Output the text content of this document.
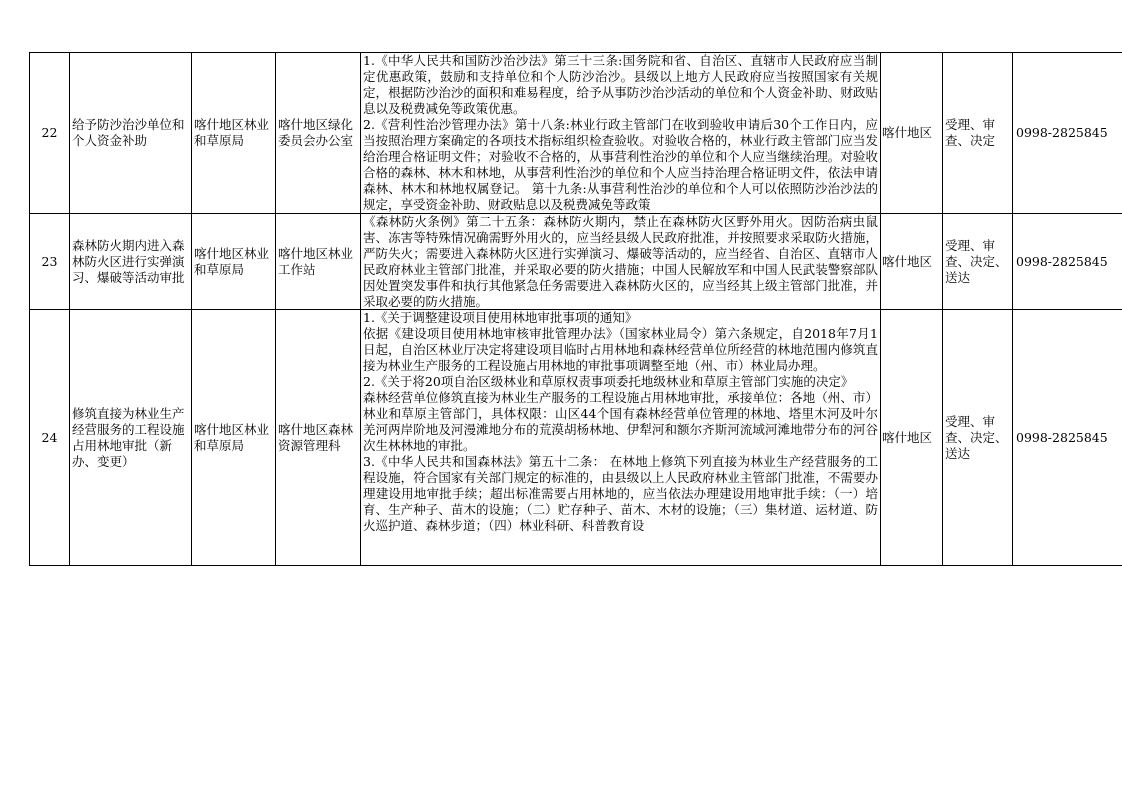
22	给予防沙治沙单位和个人资金补助	喀什地区林业和草原局	喀什地区绿化委员会办公室	1.《中华人民共和国防沙治沙法》第三十三条:国务院和省、自治区、直辖市人民政府应当制定优惠政策，鼓励和支持单位和个人防沙治沙。县级以上地方人民政府应当按照国家有关规定，根据防沙治沙的面积和难易程度，给予从事防沙治沙活动的单位和个人资金补助、财政贴息以及税费减免等政策优惠。

2.《营利性治沙管理办法》第十八条:林业行政主管部门在收到验收申请后30个工作日内，应当按照治理方案确定的各项技术指标组织检查验收。对验收合格的，林业行政主管部门应当发给治理合格证明文件；对验收不合格的，从事营利性治沙的单位和个人应当继续治理。对验收合格的森林、林木和林地，从事营利性治沙的单位和个人应当持治理合格证明文件，依法申请森林、林木和林地权属登记。 第十九条:从事营利性治沙的单位和个人可以依照防沙治沙法的规定，享受资金补助、财政贴息以及税费减免等政策	喀什地区	受理、审查、决定	0998-2825845
23	森林防火期内进入森林防火区进行实弹演习、爆破等活动审批	喀什地区林业和草原局	喀什地区林业工作站	《森林防火条例》第二十五条：森林防火期内，禁止在森林防火区野外用火。因防治病虫鼠害、冻害等特殊情况确需野外用火的，应当经县级人民政府批准，并按照要求采取防火措施，严防失火；需要进入森林防火区进行实弹演习、爆破等活动的，应当经省、自治区、直辖市人民政府林业主管部门批准，并采取必要的防火措施；中国人民解放军和中国人民武装警察部队因处置突发事件和执行其他紧急任务需要进入森林防火区的，应当经其上级主管部门批准，并采取必要的防火措施。	喀什地区	受理、审查、决定、送达	0998-2825845
24	修筑直接为林业生产经营服务的工程设施占用林地审批（新办、变更）	喀什地区林业和草原局	喀什地区森林资源管理科	1.《关于调整建设项目使用林地审批事项的通知》

依据《建设项目使用林地审核审批管理办法》（国家林业局令）第六条规定，自2018年7月1日起，自治区林业厅决定将建设项目临时占用林地和森林经营单位所经营的林地范围内修筑直接为林业生产服务的工程设施占用林地的审批事项调整至地（州、市）林业局办理。

2.《关于将20项自治区级林业和草原权责事项委托地级林业和草原主管部门实施的决定》

森林经营单位修筑直接为林业生产服务的工程设施占用林地审批，承接单位：各地（州、市）林业和草原主管部门，具体权限：山区44个国有森林经营单位管理的林地、塔里木河及叶尔羌河两岸阶地及河漫滩地分布的荒漠胡杨林地、伊犁河和额尔齐斯河流域河滩地带分布的河谷次生林林地的审批。

3.《中华人民共和国森林法》第五十二条： 在林地上修筑下列直接为林业生产经营服务的工程设施，符合国家有关部门规定的标准的，由县级以上人民政府林业主管部门批准，不需要办理建设用地审批手续；超出标准需要占用林地的，应当依法办理建设用地审批手续：（一）培育、生产种子、苗木的设施；（二）贮存种子、苗木、木材的设施；（三）集材道、运材道、防火巡护道、森林步道；（四）林业科研、科普教育设	喀什地区	受理、审查、决定、送达	0998-2825845
